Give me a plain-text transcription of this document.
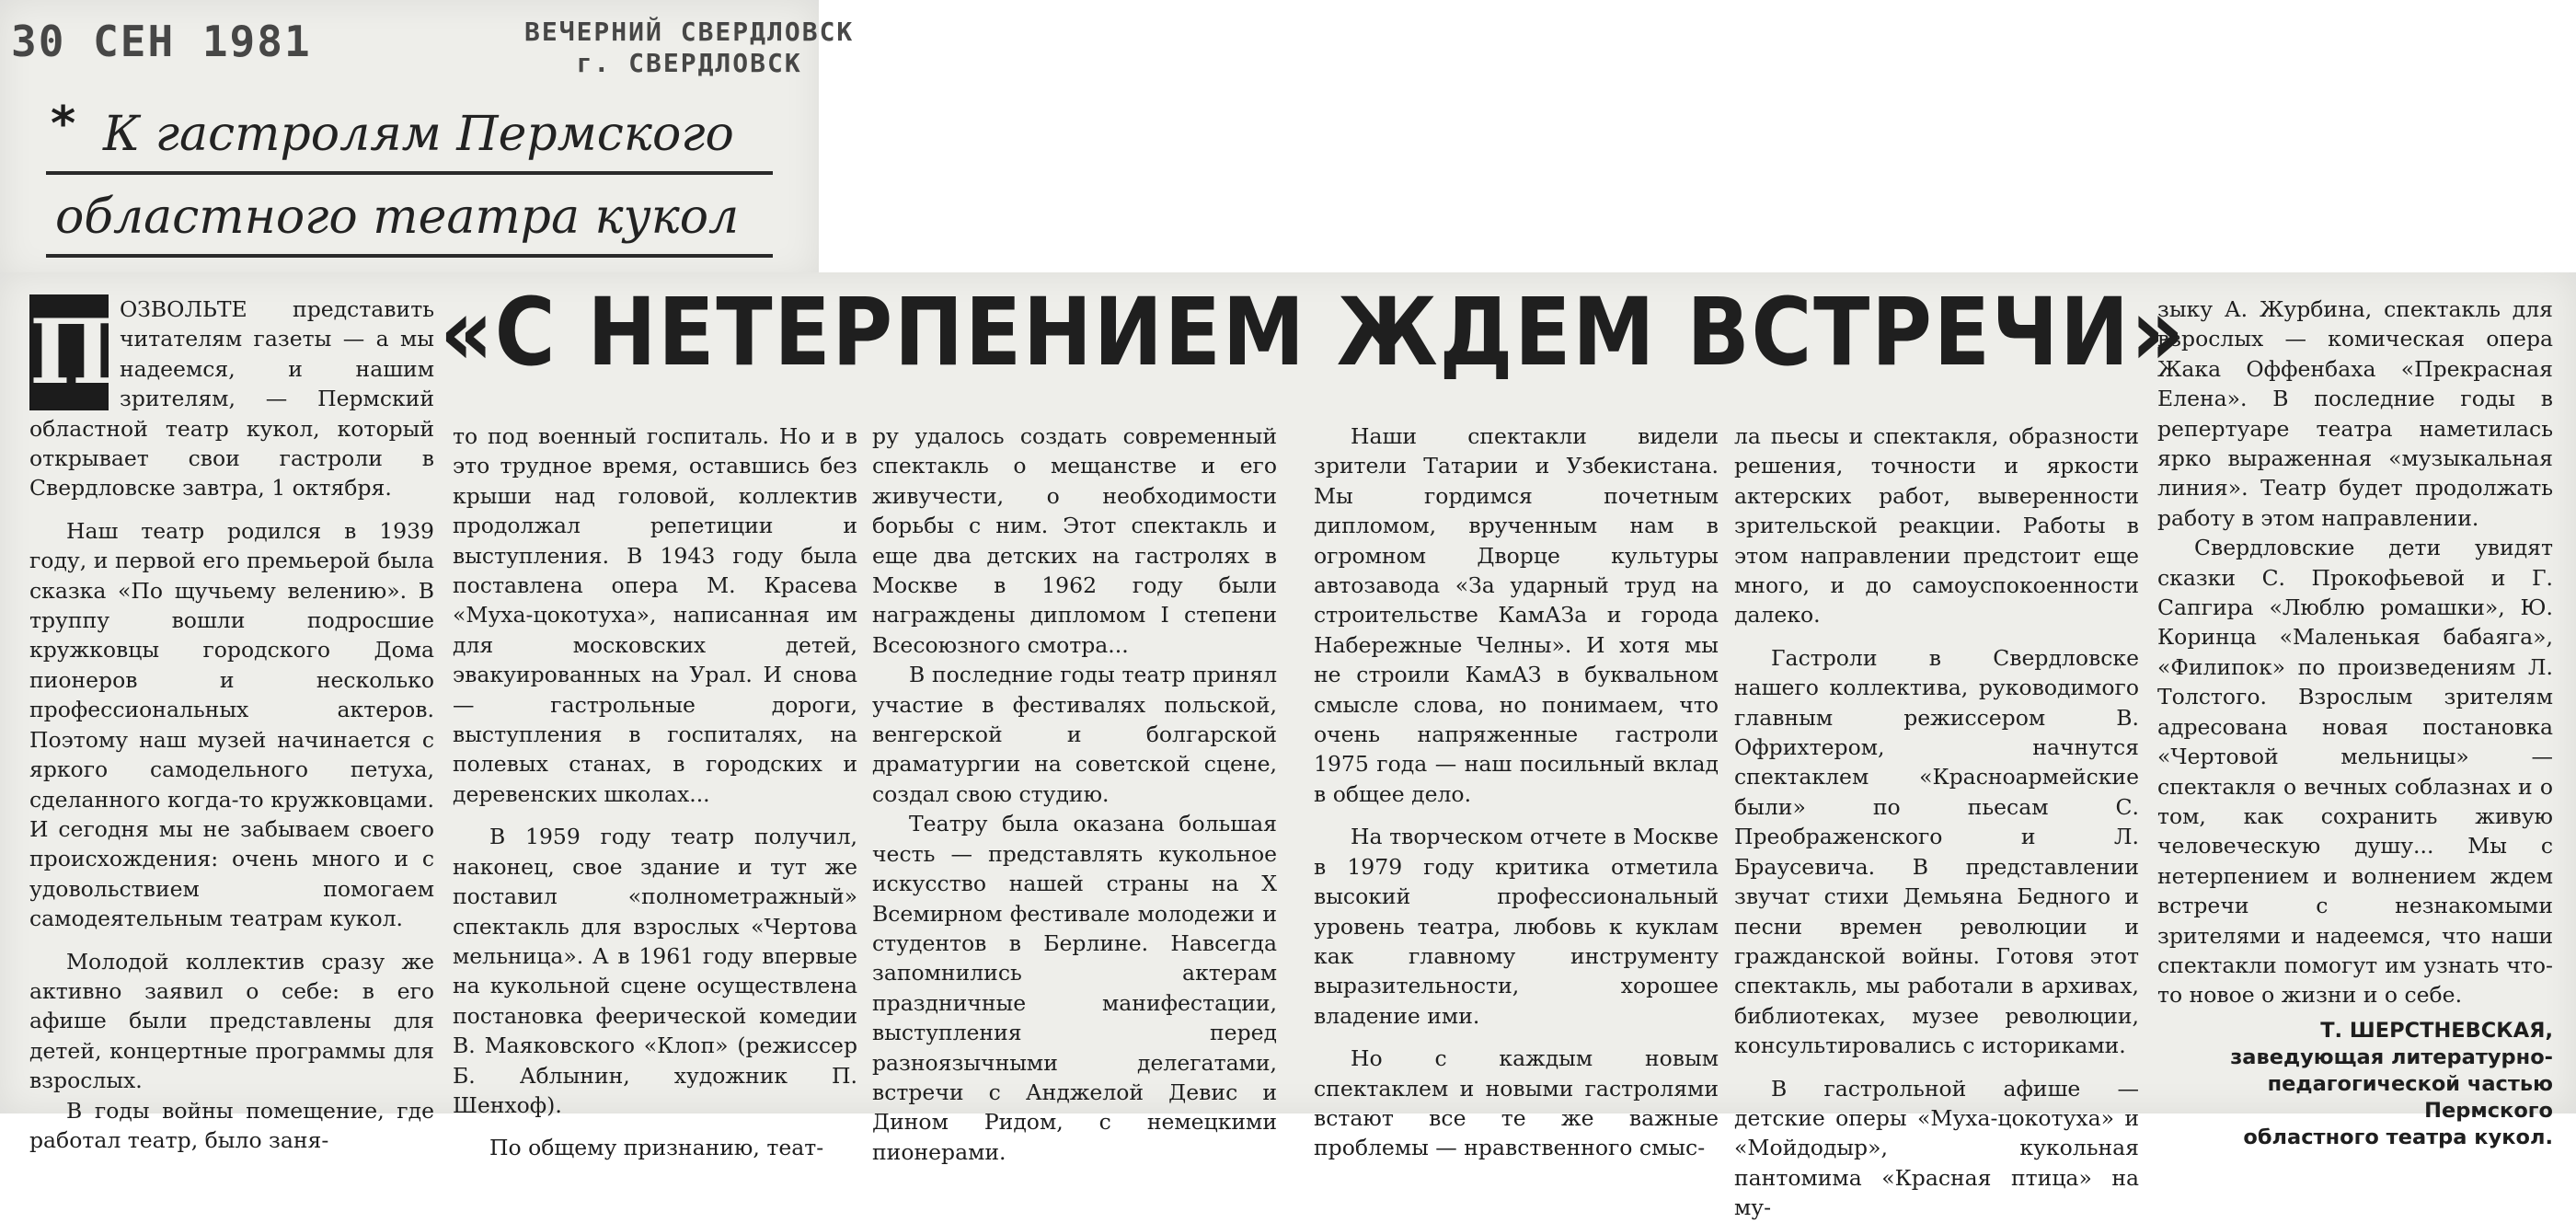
30 СЕН 1981	ВЕЧЕРНИЙ СВЕРДЛОВСК
г. СВЕРДЛОВСК
* К гастролям Пермского
областного театра кукол
«С НЕТЕРПЕНИЕМ ЖДЕМ ВСТРЕЧИ»
П ОЗВОЛЬТЕ представить читателям газеты — а мы надеемся, и нашим зрителям, — Пермский областной театр кукол, который открывает свои гастроли в Свердловске завтра, 1 октября.

Наш театр родился в 1939 году, и первой его премьерой была сказка «По щучьему велению». В труппу вошли подросшие кружковцы городского Дома пионеров и несколько профессиональных актеров. Поэтому наш музей начинается с яркого самодельного петуха, сделанного когда-то кружковцами. И сегодня мы не забываем своего происхождения: очень много и с удовольствием помогаем самодеятельным театрам кукол.

Молодой коллектив сразу же активно заявил о себе: в его афише были представлены для детей, концертные программы для взрослых.

В годы войны помещение, где работал театр, было заня-

то под военный госпиталь. Но и в это трудное время, оставшись без крыши над головой, коллектив продолжал репетиции и выступления. В 1943 году была поставлена опера М. Красева «Муха-цокотуха», написанная им для московских детей, эвакуированных на Урал. И снова — гастрольные дороги, выступления в госпиталях, на полевых станах, в городских и деревенских школах...

В 1959 году театр получил, наконец, свое здание и тут же поставил «полнометражный» спектакль для взрослых «Чертова мельница». А в 1961 году впервые на кукольной сцене осуществлена постановка феерической комедии В. Маяковского «Клоп» (режиссер Б. Аблынин, художник П. Шенхоф).

По общему признанию, теат-

ру удалось создать современный спектакль о мещанстве и его живучести, о необходимости борьбы с ним. Этот спектакль и еще два детских на гастролях в Москве в 1962 году были награждены дипломом I степени Всесоюзного смотра...

В последние годы театр принял участие в фестивалях польской, венгерской и болгарской драматургии на советской сцене, создал свою студию.

Театру была оказана большая честь — представлять кукольное искусство нашей страны на X Всемирном фестивале молодежи и студентов в Берлине. Навсегда запомнились актерам праздничные манифестации, выступления перед разноязычными делегатами, встречи с Анджелой Девис и Дином Ридом, с немецкими пионерами.

Наши спектакли видели зрители Татарии и Узбекистана. Мы гордимся почетным дипломом, врученным нам в огромном Дворце культуры автозавода «За ударный труд на строительстве КамАЗа и города Набережные Челны». И хотя мы не строили КамАЗ в буквальном смысле слова, но понимаем, что очень напряженные гастроли 1975 года — наш посильный вклад в общее дело.

На творческом отчете в Москве в 1979 году критика отметила высокий профессиональный уровень театра, любовь к куклам как главному инструменту выразительности, хорошее владение ими.

Но с каждым новым спектаклем и новыми гастролями встают все те же важные проблемы — нравственного смыс-

ла пьесы и спектакля, образности решения, точности и яркости актерских работ, выверенности зрительской реакции. Работы в этом направлении предстоит еще много, и до самоуспокоенности далеко.

Гастроли в Свердловске нашего коллектива, руководимого главным режиссером В. Офрихтером, начнутся спектаклем «Красноармейские были» по пьесам С. Преображенского и Л. Браусевича. В представлении звучат стихи Демьяна Бедного и песни времен революции и гражданской войны. Готовя этот спектакль, мы работали в архивах, библиотеках, музее революции, консультировались с историками.

В гастрольной афише — детские оперы «Муха-цокотуха» и «Мойдодыр», кукольная пантомима «Красная птица» на му-

зыку А. Журбина, спектакль для взрослых — комическая опера Жака Оффенбаха «Прекрасная Елена». В последние годы в репертуаре театра наметилась ярко выраженная «музыкальная линия». Театр будет продолжать работу в этом направлении.

Свердловские дети увидят сказки С. Прокофьевой и Г. Сапгира «Люблю ромашки», Ю. Коринца «Маленькая бабаяга», «Филипок» по произведениям Л. Толстого. Взрослым зрителям адресована новая постановка «Чертовой мельницы» — спектакля о вечных соблазнах и о том, как сохранить живую человеческую душу... Мы с нетерпением и волнением ждем встречи с незнакомыми зрителями и надеемся, что наши спектакли помогут им узнать что-то новое о жизни и о себе.

Т. ШЕРСТНЕВСКАЯ,
заведующая литературно-
педагогической частью
Пермского
областного театра кукол.
